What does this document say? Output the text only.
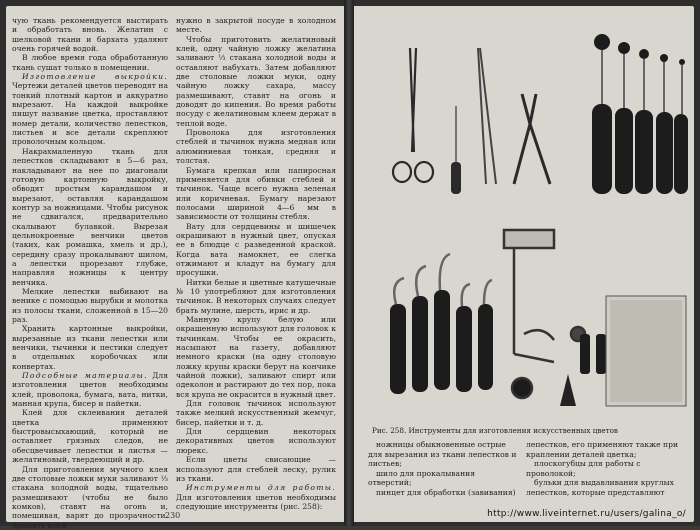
чую ткань рекомендуется выстирать и обработать вновь. Желатин с шелковой ткани и бархата удаляют очень горячей водой.

В любое время года обработанную ткань сушат только в помещении.

Изготовление выкройки. Чертежи деталей цветов переводят на тонкий плотный картон и аккуратно вырезают. На каждой выкройке пишут название цветка, проставляют номер детали, количество лепестков, листьев и все детали скрепляют проволочным кольцом.

Накрахмаленную ткань для лепестков складывают в 5—6 раз, накладывают на нее по диагонали готовую картонную выкройку, обводят простым карандашом и вырезают, оставляя карандашом контур за ножницами. Чтобы рисунок не сдвигался, предварительно скалывают булавкой. Вырезая цельнокроеные венчики цветов (таких, как ромашка, хмель и др.), середину сразу прокалывают шилом, а лепестки прорезают глубже, направляя ножницы к центру венчика.

Мелкие лепестки выбивают на венике с помощью вырубки и молотка из полосы ткани, сложенной в 15—20 раз.

Хранить картонные выкройки, вырезанные из ткани лепестки или венчики, тычинки и пестики следует в отдельных коробочках или конвертах.

Подсобные материалы. Для изготовления цветов необходимы клей, проволока, бумага, вата, нитки, манная крупа, бисер и пайетки.

Клей для склеивания деталей цветка применяют быстровысыхающий, который не оставляет грязных следов, не обесцвечивает лепестки и листья — желатиновый, твердеющий и др.

Для приготовления мучного клея две столовые ложки муки заливают ⅓ стакана холодной воды, тщательно размешивают (чтобы не было комков), ставят на огонь и, помешивая, варят до прозрачности. Хранить клей

нужно в закрытой посуде в холодном месте.

Чтобы приготовить желатиновый клей, одну чайную ложку желатина заливают ⅓ стакана холодной воды и оставляют набухать. Затем добавляют две столовые ложки муки, одну чайную ложку сахара, массу размешивают, ставят на огонь и доводят до кипения. Во время работы посуду с желатиновым клеем держат в теплой воде.

Проволока для изготовления стеблей и тычинок нужна медная или алюминиевая тонкая, средняя и толстая.

Бумага крепкая или папиросная применяется для обивки стеблей и тычинок. Чаще всего нужна зеленая или коричневая. Бумагу нарезают полосами шириной 4—6 мм в зависимости от толщины стебля.

Вату для сердцевины и шишечек окрашивают в нужный цвет, опуская ее в блюдце с разведенной краской. Когда вата намокнет, ее слегка отжимают и кладут на бумагу для просушки.

Нитки белые и цветные катушечные № 10 употребляют для изготовления тычинок. В некоторых случаях следует брать мулине, шерсть, ирис и др.

Манную крупу белую или окрашенную используют для головок к тычинкам. Чтобы ее окрасить, насыпают на газету, добавляют немного краски (на одну столовую ложку крупы краски берут на кончике чайной ложки), заливают спирт или одеколон и растирают до тех пор, пока вся крупа не окрасится в нужный цвет.

Для головок тычинок используют также мелкий искусственный жемчуг, бисер, пайетки и т. д.

Для сердцевин некоторых декоративных цветов используют люрекс.

Если цветы свисающие — используют для стеблей леску, рулик из ткани.

Инструменты для работы. Для изготовления цветов необходимы следующие инструменты (рис. 258):

230
Рис. 258. Инструменты для изготовления искусственных цветов

ножницы обыкновенные острые для вырезания из ткани лепестков и листьев;

шило для прокалывания отверстий;

пинцет для обработки (завивания)

лепестков, его применяют также при краплении деталей цветка;

плоскогубцы для работы с проволокой;

бульки для выдавливания круглых лепестков, которые представляют

http://www.liveinternet.ru/users/galina_o/
